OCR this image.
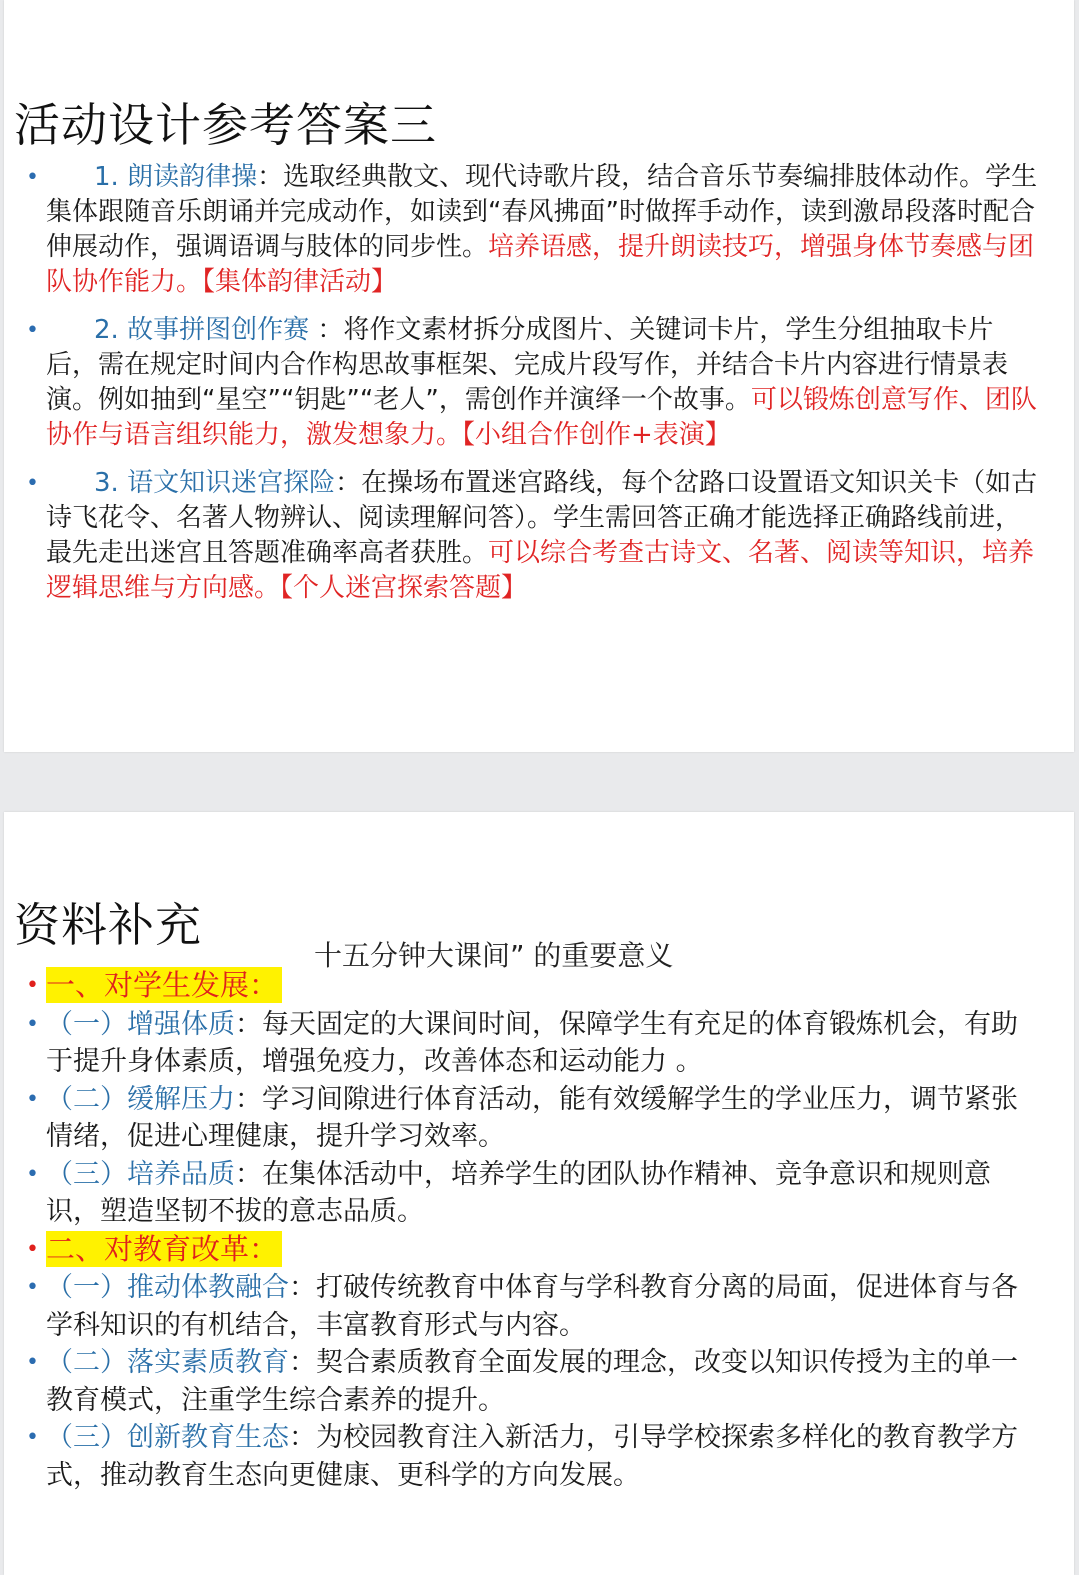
活动设计参考答案三
• 1. 朗读韵律操：选取经典散文、现代诗歌片段，结合音乐节奏编排肢体动作。学生集体跟随音乐朗诵并完成动作，如读到“春风拂面”时做挥手动作，读到激昂段落时配合伸展动作，强调语调与肢体的同步性。培养语感，提升朗读技巧，增强身体节奏感与团队协作能力。【集体韵律活动】
• 2. 故事拼图创作赛 ：将作文素材拆分成图片、关键词卡片，学生分组抽取卡片后，需在规定时间内合作构思故事框架、完成片段写作，并结合卡片内容进行情景表演。例如抽到“星空”“钥匙”“老人”，需创作并演绎一个故事。可以锻炼创意写作、团队协作与语言组织能力，激发想象力。【小组合作创作+表演】
• 3. 语文知识迷宫探险：在操场布置迷宫路线，每个岔路口设置语文知识关卡（如古诗飞花令、名著人物辨认、阅读理解问答）。学生需回答正确才能选择正确路线前进，最先走出迷宫且答题准确率高者获胜。可以综合考查古诗文、名著、阅读等知识，培养逻辑思维与方向感。【个人迷宫探索答题】
资料补充
十五分钟大课间” 的重要意义
• 一、对学生发展：
• （一）增强体质：每天固定的大课间时间，保障学生有充足的体育锻炼机会，有助于提升身体素质，增强免疫力，改善体态和运动能力 。
• （二）缓解压力：学习间隙进行体育活动，能有效缓解学生的学业压力，调节紧张情绪，促进心理健康，提升学习效率。
• （三）培养品质：在集体活动中，培养学生的团队协作精神、竞争意识和规则意识，塑造坚韧不拔的意志品质。
• 二、对教育改革：
• （一）推动体教融合：打破传统教育中体育与学科教育分离的局面，促进体育与各学科知识的有机结合，丰富教育形式与内容。
• （二）落实素质教育：契合素质教育全面发展的理念，改变以知识传授为主的单一教育模式，注重学生综合素养的提升。
• （三）创新教育生态：为校园教育注入新活力，引导学校探索多样化的教育教学方式，推动教育生态向更健康、更科学的方向发展。
